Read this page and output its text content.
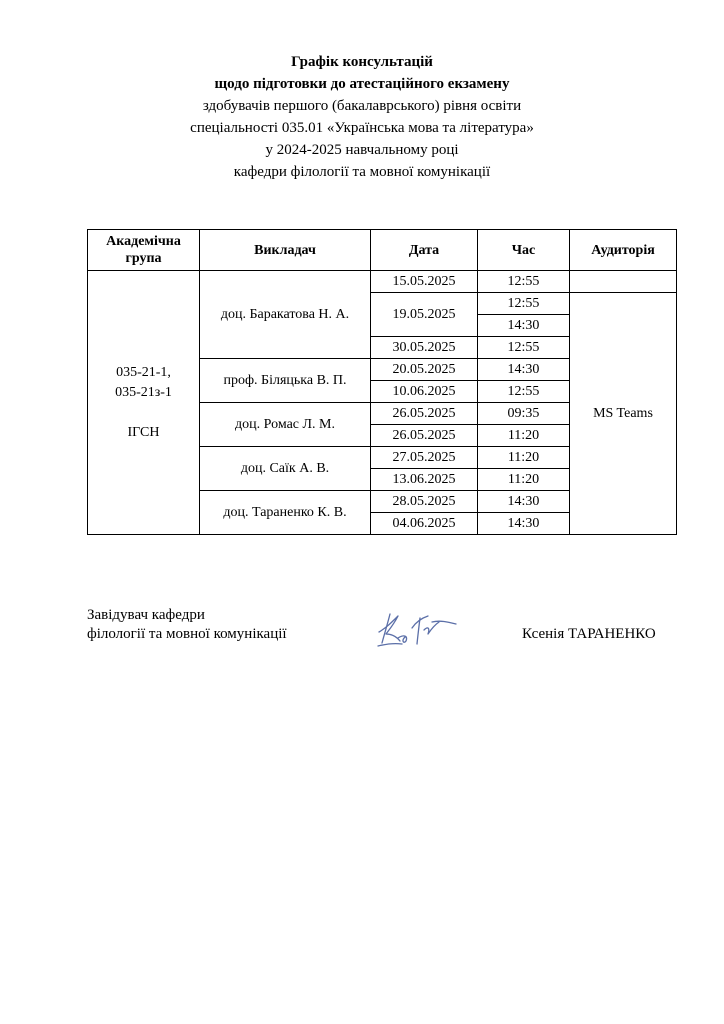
Графік консультацій
щодо підготовки до атестаційного екзамену
здобувачів першого (бакалаврського) рівня освіти
спеціальності 035.01 «Українська мова та література»
у 2024-2025 навчальному році
кафедри філології та мовної комунікації
Академічна
група	Викладач	Дата	Час	Аудиторія
035-21-1,
035-21з-1

ІГСН	доц. Баракатова Н. А.	15.05.2025	12:55	
		19.05.2025	12:55	MS Teams
			14:30	
		30.05.2025	12:55	
	проф. Біляцька В. П.	20.05.2025	14:30	
		10.06.2025	12:55	
	доц. Ромас Л. М.	26.05.2025	09:35	
		26.05.2025	11:20	
	доц. Саїк А. В.	27.05.2025	11:20	
		13.06.2025	11:20	
	доц. Тараненко К. В.	28.05.2025	14:30	
		04.06.2025	14:30	
Завідувач кафедри
філології та мовної комунікації	Ксенія ТАРАНЕНКО
